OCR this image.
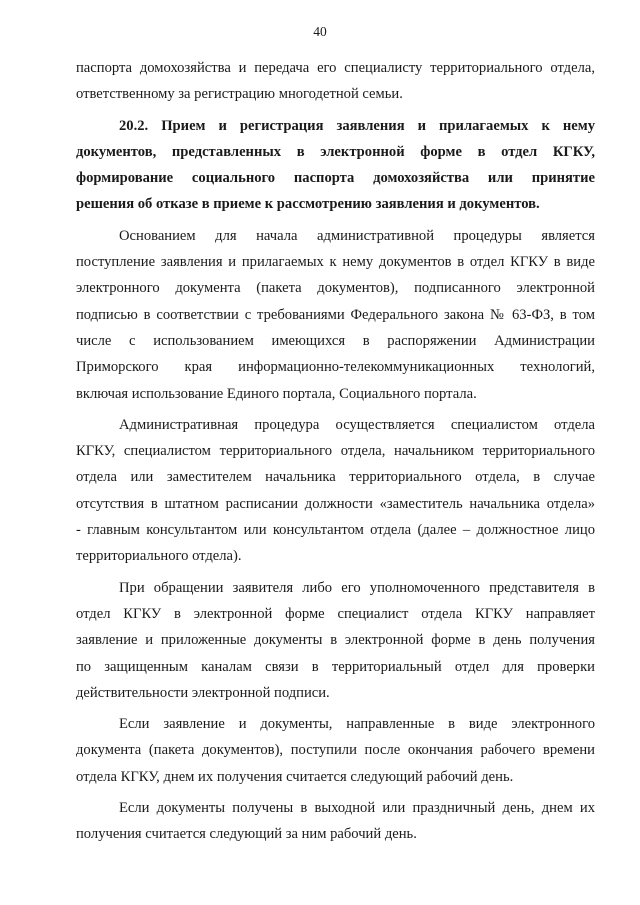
40
паспорта домохозяйства и передача его специалисту территориального отдела,
ответственному за регистрацию многодетной семьи.
20.2. Прием и регистрация заявления и прилагаемых к нему
документов, представленных в электронной форме в отдел КГКУ,
формирование социального паспорта домохозяйства или принятие
решения об отказе в приеме к рассмотрению заявления и документов.
Основанием для начала административной процедуры является
поступление заявления и прилагаемых к нему документов в отдел КГКУ в виде
электронного документа (пакета документов), подписанного электронной
подписью в соответствии с требованиями Федерального закона № 63-ФЗ, в том
числе с использованием имеющихся в распоряжении Администрации
Приморского края информационно-телекоммуникационных технологий,
включая использование Единого портала, Социального портала.
Административная процедура осуществляется специалистом отдела
КГКУ, специалистом территориального отдела, начальником территориального
отдела или заместителем начальника территориального отдела, в случае
отсутствия в штатном расписании должности «заместитель начальника отдела»
- главным консультантом или консультантом отдела (далее – должностное лицо
территориального отдела).
При обращении заявителя либо его уполномоченного представителя в
отдел КГКУ в электронной форме специалист отдела КГКУ направляет
заявление и приложенные документы в электронной форме в день получения
по защищенным каналам связи в территориальный отдел для проверки
действительности электронной подписи.
Если заявление и документы, направленные в виде электронного
документа (пакета документов), поступили после окончания рабочего времени
отдела КГКУ, днем их получения считается следующий рабочий день.
Если документы получены в выходной или праздничный день, днем их
получения считается следующий за ним рабочий день.
